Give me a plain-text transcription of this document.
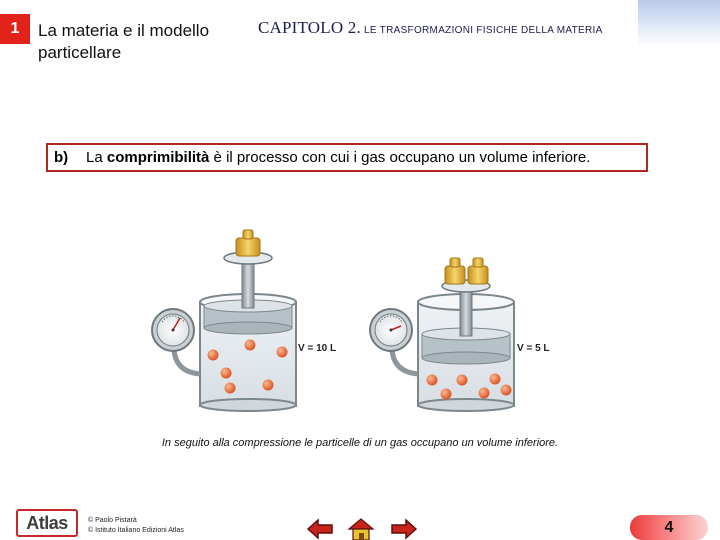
1	La materia e il modello particellare
CAPITOLO 2. LE TRASFORMAZIONI FISICHE DELLA MATERIA
b)	La comprimibilità è il processo con cui i gas occupano un volume inferiore.
V = 10 L	V = 5 L
In seguito alla compressione le particelle di un gas occupano un volume inferiore.
Atlas	© Paolo Pistarà
© Istituto Italiano Edizioni Atlas	4
